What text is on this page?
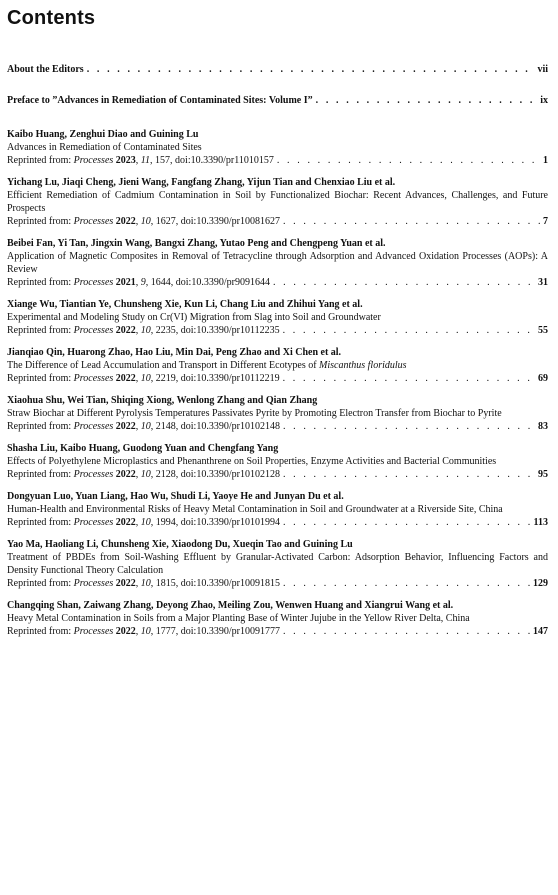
Contents
About the Editors . . .	vii
Preface to ”Advances in Remediation of Contaminated Sites: Volume I” . . .	ix
Kaibo Huang, Zenghui Diao and Guining Lu
Advances in Remediation of Contaminated Sites
Reprinted from: Processes 2023, 11, 157, doi:10.3390/pr11010157 . . .	1
Yichang Lu, Jiaqi Cheng, Jieni Wang, Fangfang Zhang, Yijun Tian and Chenxiao Liu et al.
Efficient Remediation of Cadmium Contamination in Soil by Functionalized Biochar: Recent Advances, Challenges, and Future Prospects
Reprinted from: Processes 2022, 10, 1627, doi:10.3390/pr10081627 . . .	7
Beibei Fan, Yi Tan, Jingxin Wang, Bangxi Zhang, Yutao Peng and Chengpeng Yuan et al.
Application of Magnetic Composites in Removal of Tetracycline through Adsorption and Advanced Oxidation Processes (AOPs): A Review
Reprinted from: Processes 2021, 9, 1644, doi:10.3390/pr9091644 . . .	31
Xiange Wu, Tiantian Ye, Chunsheng Xie, Kun Li, Chang Liu and Zhihui Yang et al.
Experimental and Modeling Study on Cr(VI) Migration from Slag into Soil and Groundwater
Reprinted from: Processes 2022, 10, 2235, doi:10.3390/pr10112235 . . .	55
Jianqiao Qin, Huarong Zhao, Hao Liu, Min Dai, Peng Zhao and Xi Chen et al.
The Difference of Lead Accumulation and Transport in Different Ecotypes of Miscanthus floridulus
Reprinted from: Processes 2022, 10, 2219, doi:10.3390/pr10112219 . . .	69
Xiaohua Shu, Wei Tian, Shiqing Xiong, Wenlong Zhang and Qian Zhang
Straw Biochar at Different Pyrolysis Temperatures Passivates Pyrite by Promoting Electron Transfer from Biochar to Pyrite
Reprinted from: Processes 2022, 10, 2148, doi:10.3390/pr10102148 . . .	83
Shasha Liu, Kaibo Huang, Guodong Yuan and Chengfang Yang
Effects of Polyethylene Microplastics and Phenanthrene on Soil Properties, Enzyme Activities and Bacterial Communities
Reprinted from: Processes 2022, 10, 2128, doi:10.3390/pr10102128 . . .	95
Dongyuan Luo, Yuan Liang, Hao Wu, Shudi Li, Yaoye He and Junyan Du et al.
Human-Health and Environmental Risks of Heavy Metal Contamination in Soil and Groundwater at a Riverside Site, China
Reprinted from: Processes 2022, 10, 1994, doi:10.3390/pr10101994 . . .	113
Yao Ma, Haoliang Li, Chunsheng Xie, Xiaodong Du, Xueqin Tao and Guining Lu
Treatment of PBDEs from Soil-Washing Effluent by Granular-Activated Carbon: Adsorption Behavior, Influencing Factors and Density Functional Theory Calculation
Reprinted from: Processes 2022, 10, 1815, doi:10.3390/pr10091815 . . .	129
Changqing Shan, Zaiwang Zhang, Deyong Zhao, Meiling Zou, Wenwen Huang and Xiangrui Wang et al.
Heavy Metal Contamination in Soils from a Major Planting Base of Winter Jujube in the Yellow River Delta, China
Reprinted from: Processes 2022, 10, 1777, doi:10.3390/pr10091777 . . .	147
